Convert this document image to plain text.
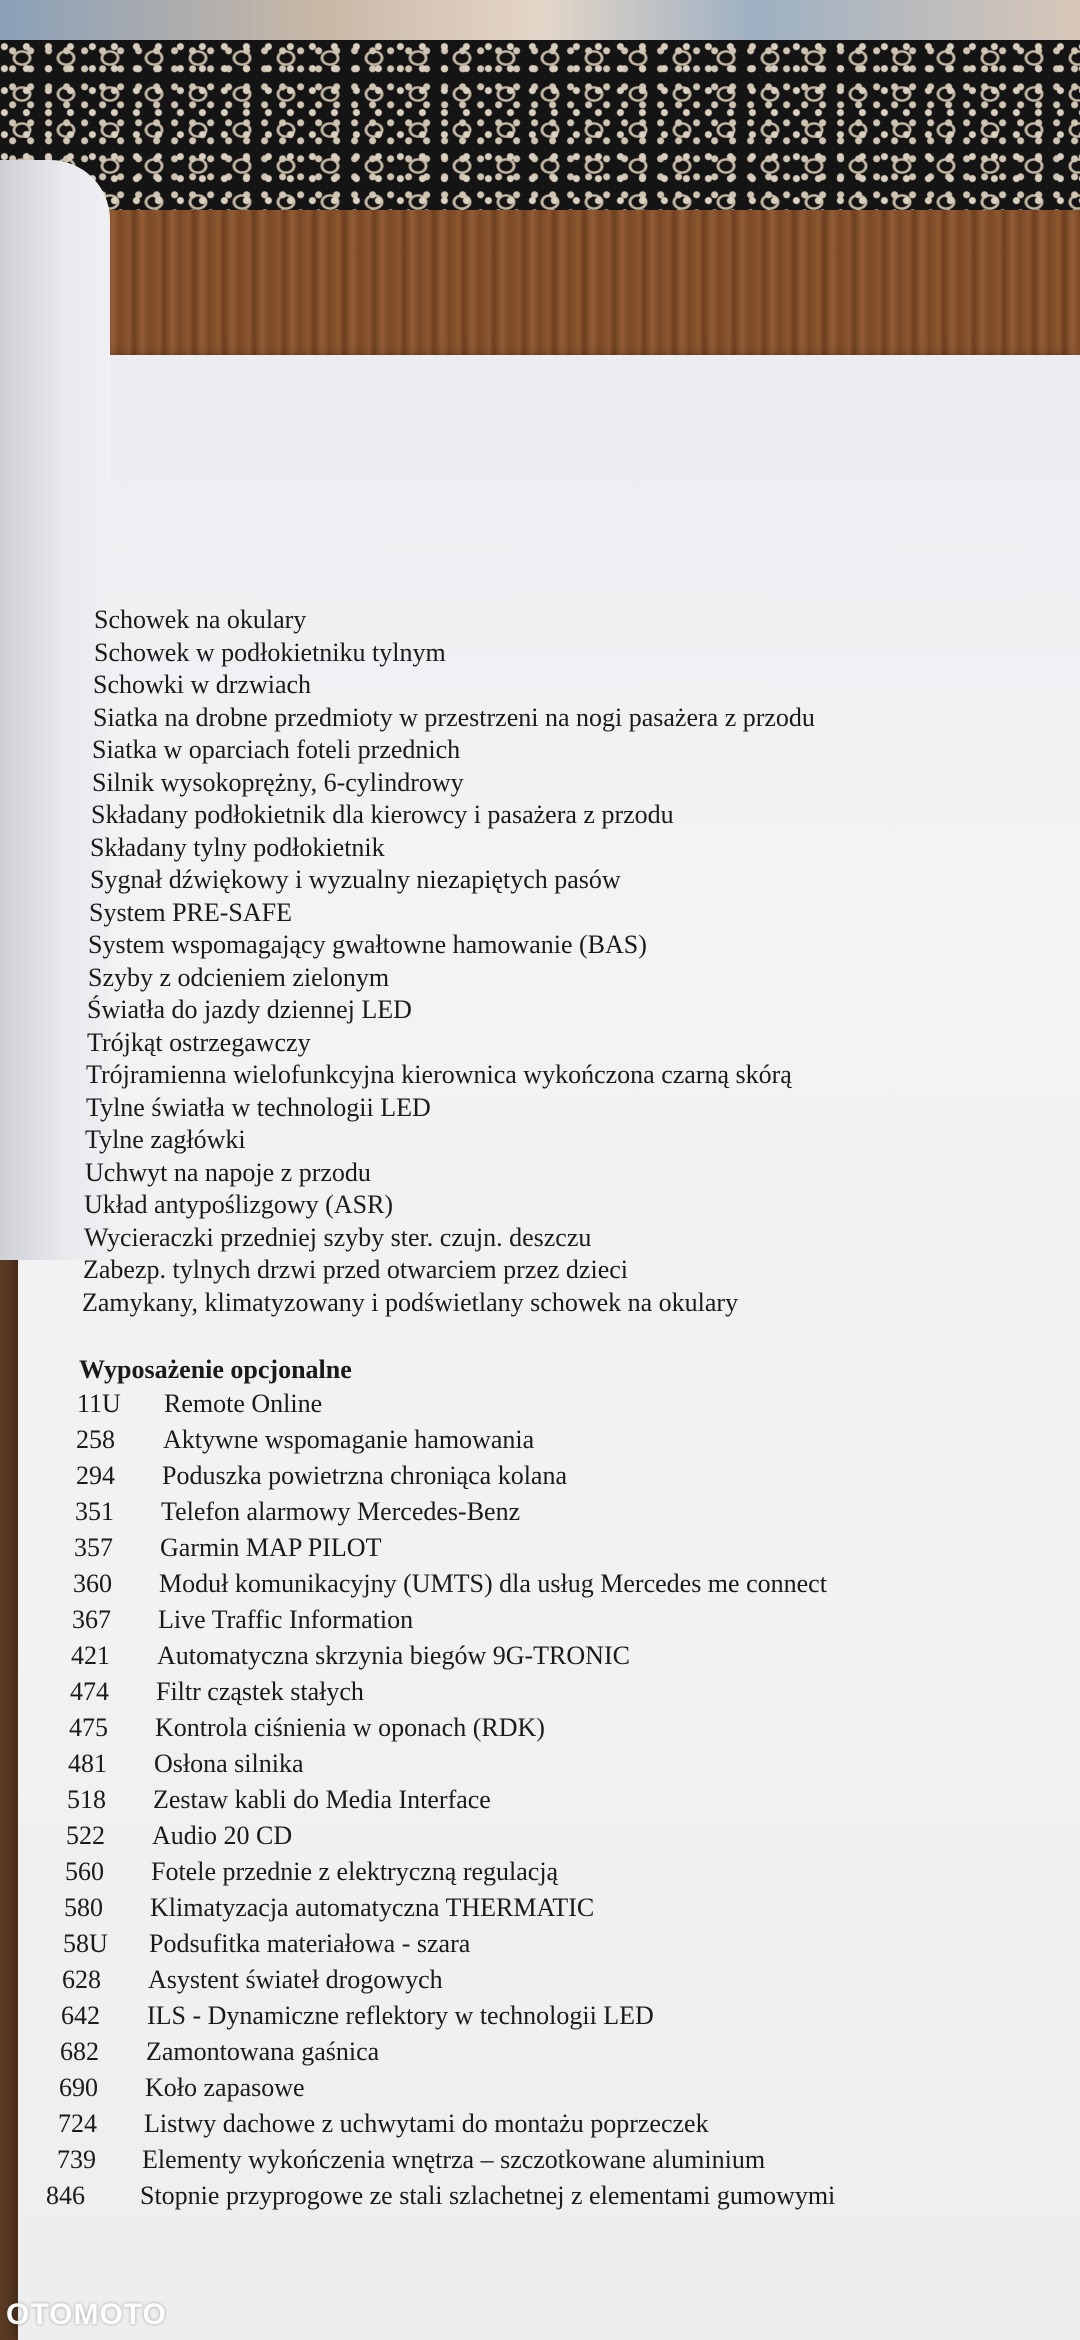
Schowek na okulary
Schowek w podłokietniku tylnym
Schowki w drzwiach
Siatka na drobne przedmioty w przestrzeni na nogi pasażera z przodu
Siatka w oparciach foteli przednich
Silnik wysokoprężny, 6-cylindrowy
Składany podłokietnik dla kierowcy i pasażera z przodu
Składany tylny podłokietnik
Sygnał dźwiękowy i wyzualny niezapiętych pasów
System PRE-SAFE
System wspomagający gwałtowne hamowanie (BAS)
Szyby z odcieniem zielonym
Światła do jazdy dziennej LED
Trójkąt ostrzegawczy
Trójramienna wielofunkcyjna kierownica wykończona czarną skórą
Tylne światła w technologii LED
Tylne zagłówki
Uchwyt na napoje z przodu
Układ antypoślizgowy (ASR)
Wycieraczki przedniej szyby ster. czujn. deszczu
Zabezp. tylnych drzwi przed otwarciem przez dzieci
Zamykany, klimatyzowany i podświetlany schowek na okulary
Wyposażenie opcjonalne
11U Remote Online
258 Aktywne wspomaganie hamowania
294 Poduszka powietrzna chroniąca kolana
351 Telefon alarmowy Mercedes-Benz
357 Garmin MAP PILOT
360 Moduł komunikacyjny (UMTS) dla usług Mercedes me connect
367 Live Traffic Information
421 Automatyczna skrzynia biegów 9G-TRONIC
474 Filtr cząstek stałych
475 Kontrola ciśnienia w oponach (RDK)
481 Osłona silnika
518 Zestaw kabli do Media Interface
522 Audio 20 CD
560 Fotele przednie z elektryczną regulacją
580 Klimatyzacja automatyczna THERMATIC
58U Podsufitka materiałowa - szara
628 Asystent świateł drogowych
642 ILS - Dynamiczne reflektory w technologii LED
682 Zamontowana gaśnica
690 Koło zapasowe
724 Listwy dachowe z uchwytami do montażu poprzeczek
739 Elementy wykończenia wnętrza – szczotkowane aluminium
846 Stopnie przyprogowe ze stali szlachetnej z elementami gumowymi
OTOMOTO
